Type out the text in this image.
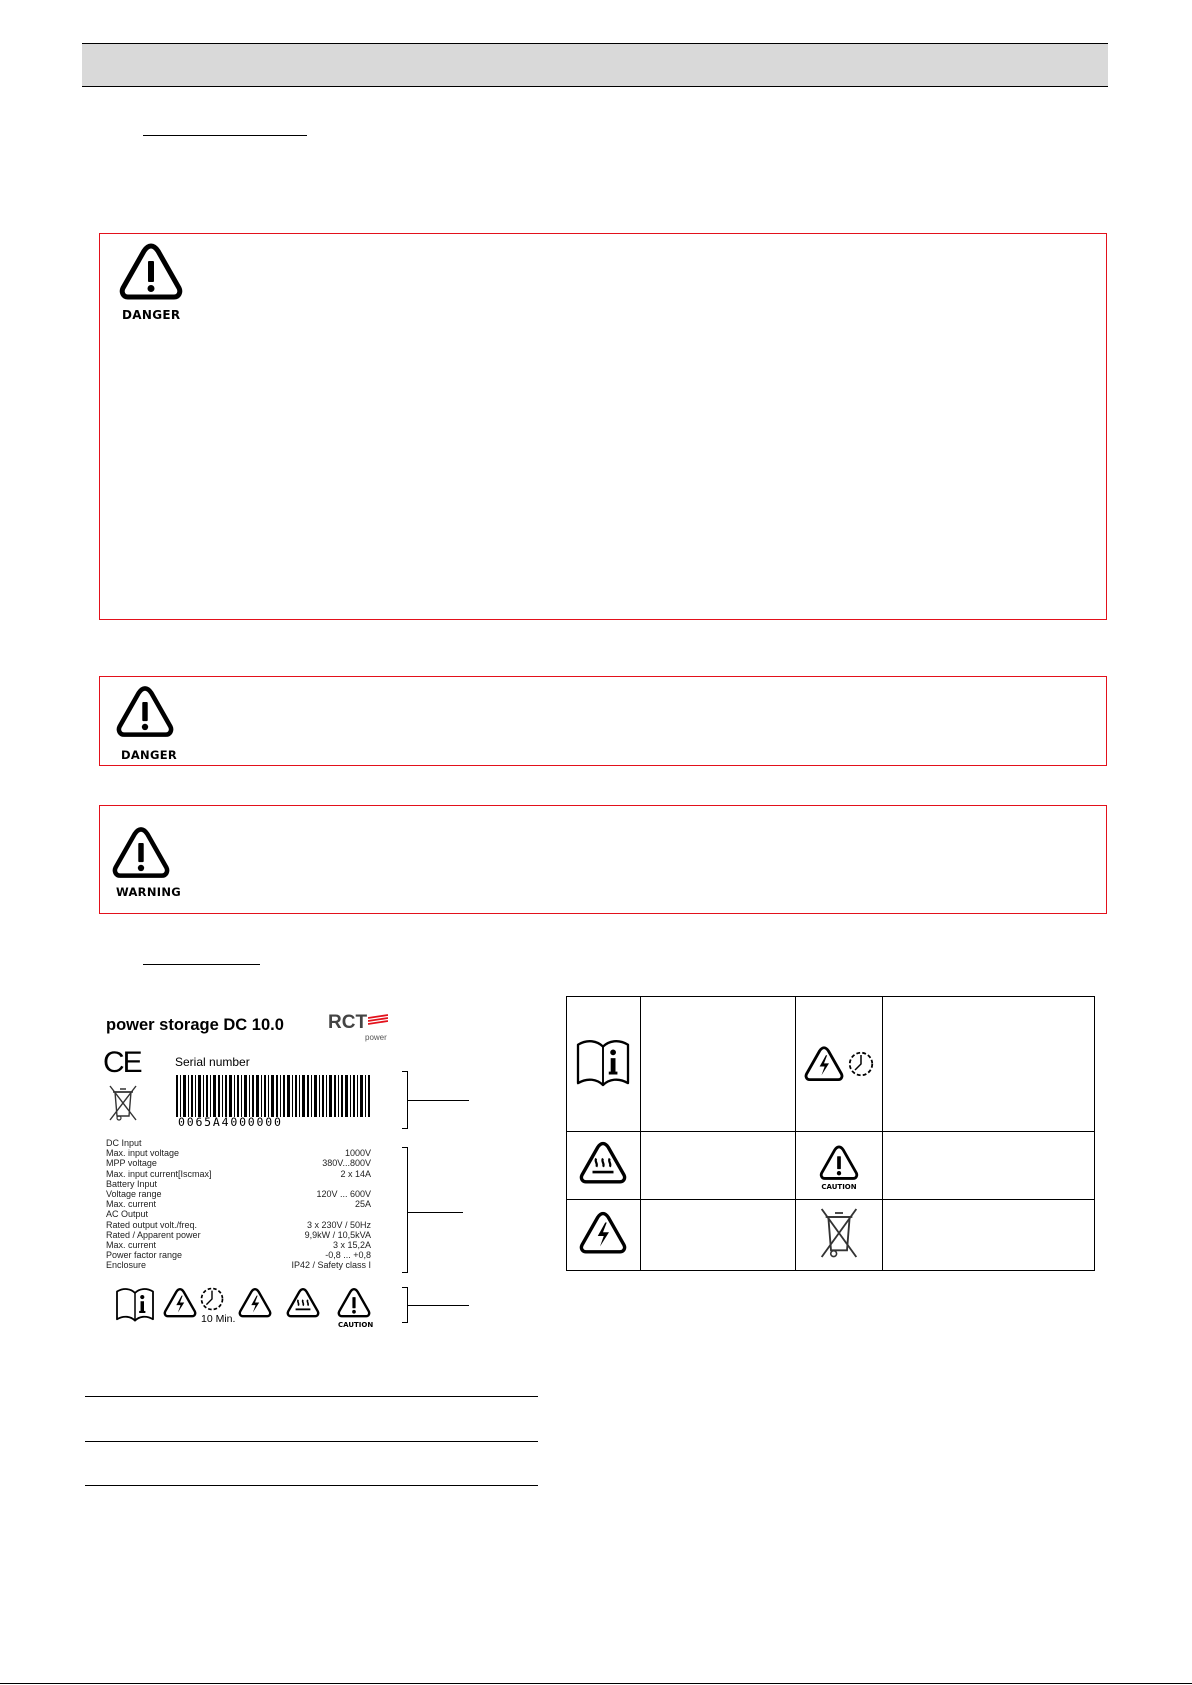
DANGER
DANGER
WARNING
power storage DC 10.0 RCT
power
CE	Serial number
0065A4000000
DC Input
Max. input voltage	1000V
MPP voltage	380V...800V
Max. input current[Iscmax]	2 x 14A
Battery Input
Voltage range	120V ... 600V
Max. current	25A
AC Output
Rated output volt./freq.	3 x 230V / 50Hz
Rated / Apparent power	9,9kW / 10,5kVA
Max. current	3 x 15,2A
Power factor range	-0,8 ... +0,8
Enclosure	IP42 / Safety class I
10 Min.	CAUTION

CAUTION	
